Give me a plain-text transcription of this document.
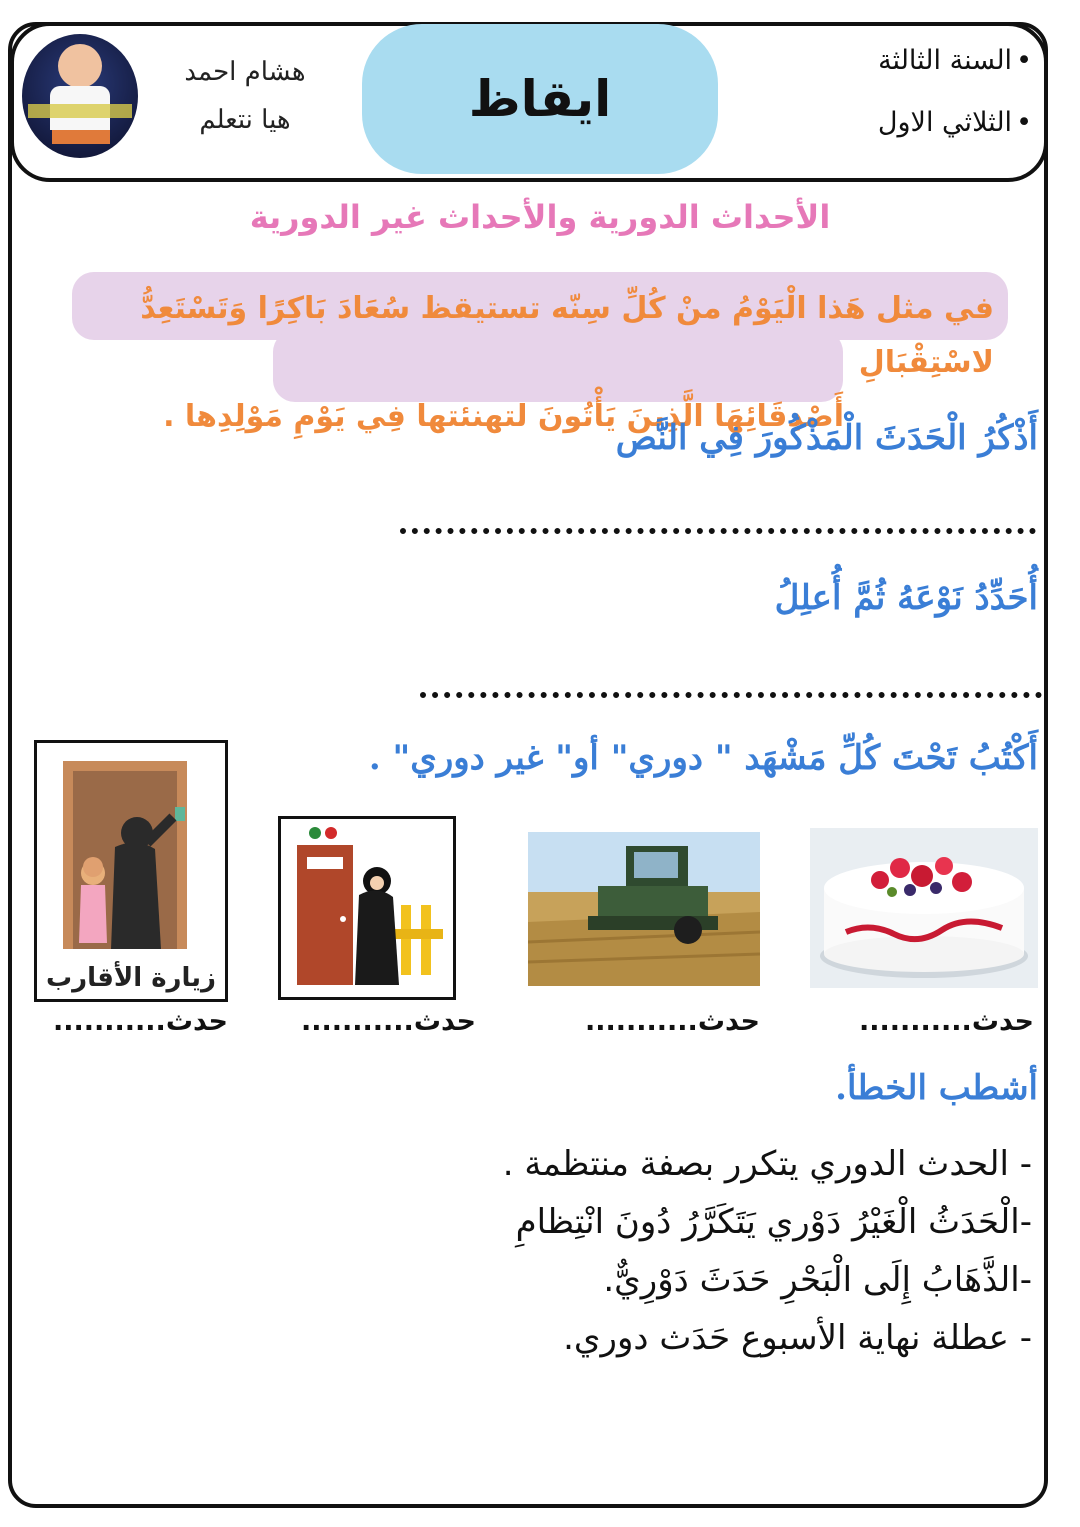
ايقاظ
• السنة الثالثة
• الثلاثي الاول
هشام احمد
هيا نتعلم
الأحداث الدورية والأحداث غير الدورية
في مثل هَذا الْيَوْمُ منْ كُلِّ سِنّه تستيقظ سُعَادَ بَاكِرًا وَتَسْتَعِدُّ لاسْتِقْبَالِ
أَصْدِقَائِهَا الَّذِينَ يَأْتُونَ لتهنئتها فِي يَوْمِ مَوْلِدِها .
أَذْكُرُ الْحَدَثَ الْمَذْكُورَ فِي النَّص
أُحَدِّدُ نَوْعَهُ ثُمَّ أُعلِلُ
أَكْتُبُ تَحْتَ كُلِّ مَشْهَد " دوري" أو" غير دوري" .
حدث...........
حدث...........
حدث...........
زيارة الأقارب
حدث...........
أشطب الخطأ.
- الحدث الدوري يتكرر بصفة منتظمة .
-الْحَدَثُ الْغَيْرُ دَوْري يَتَكَرَّرُ دُونَ انْتِظامِ
-الذَّهَابُ إِلَى الْبَحْرِ حَدَثَ دَوْرِيٌّ.
- عطلة نهاية الأسبوع حَدَث دوري.
